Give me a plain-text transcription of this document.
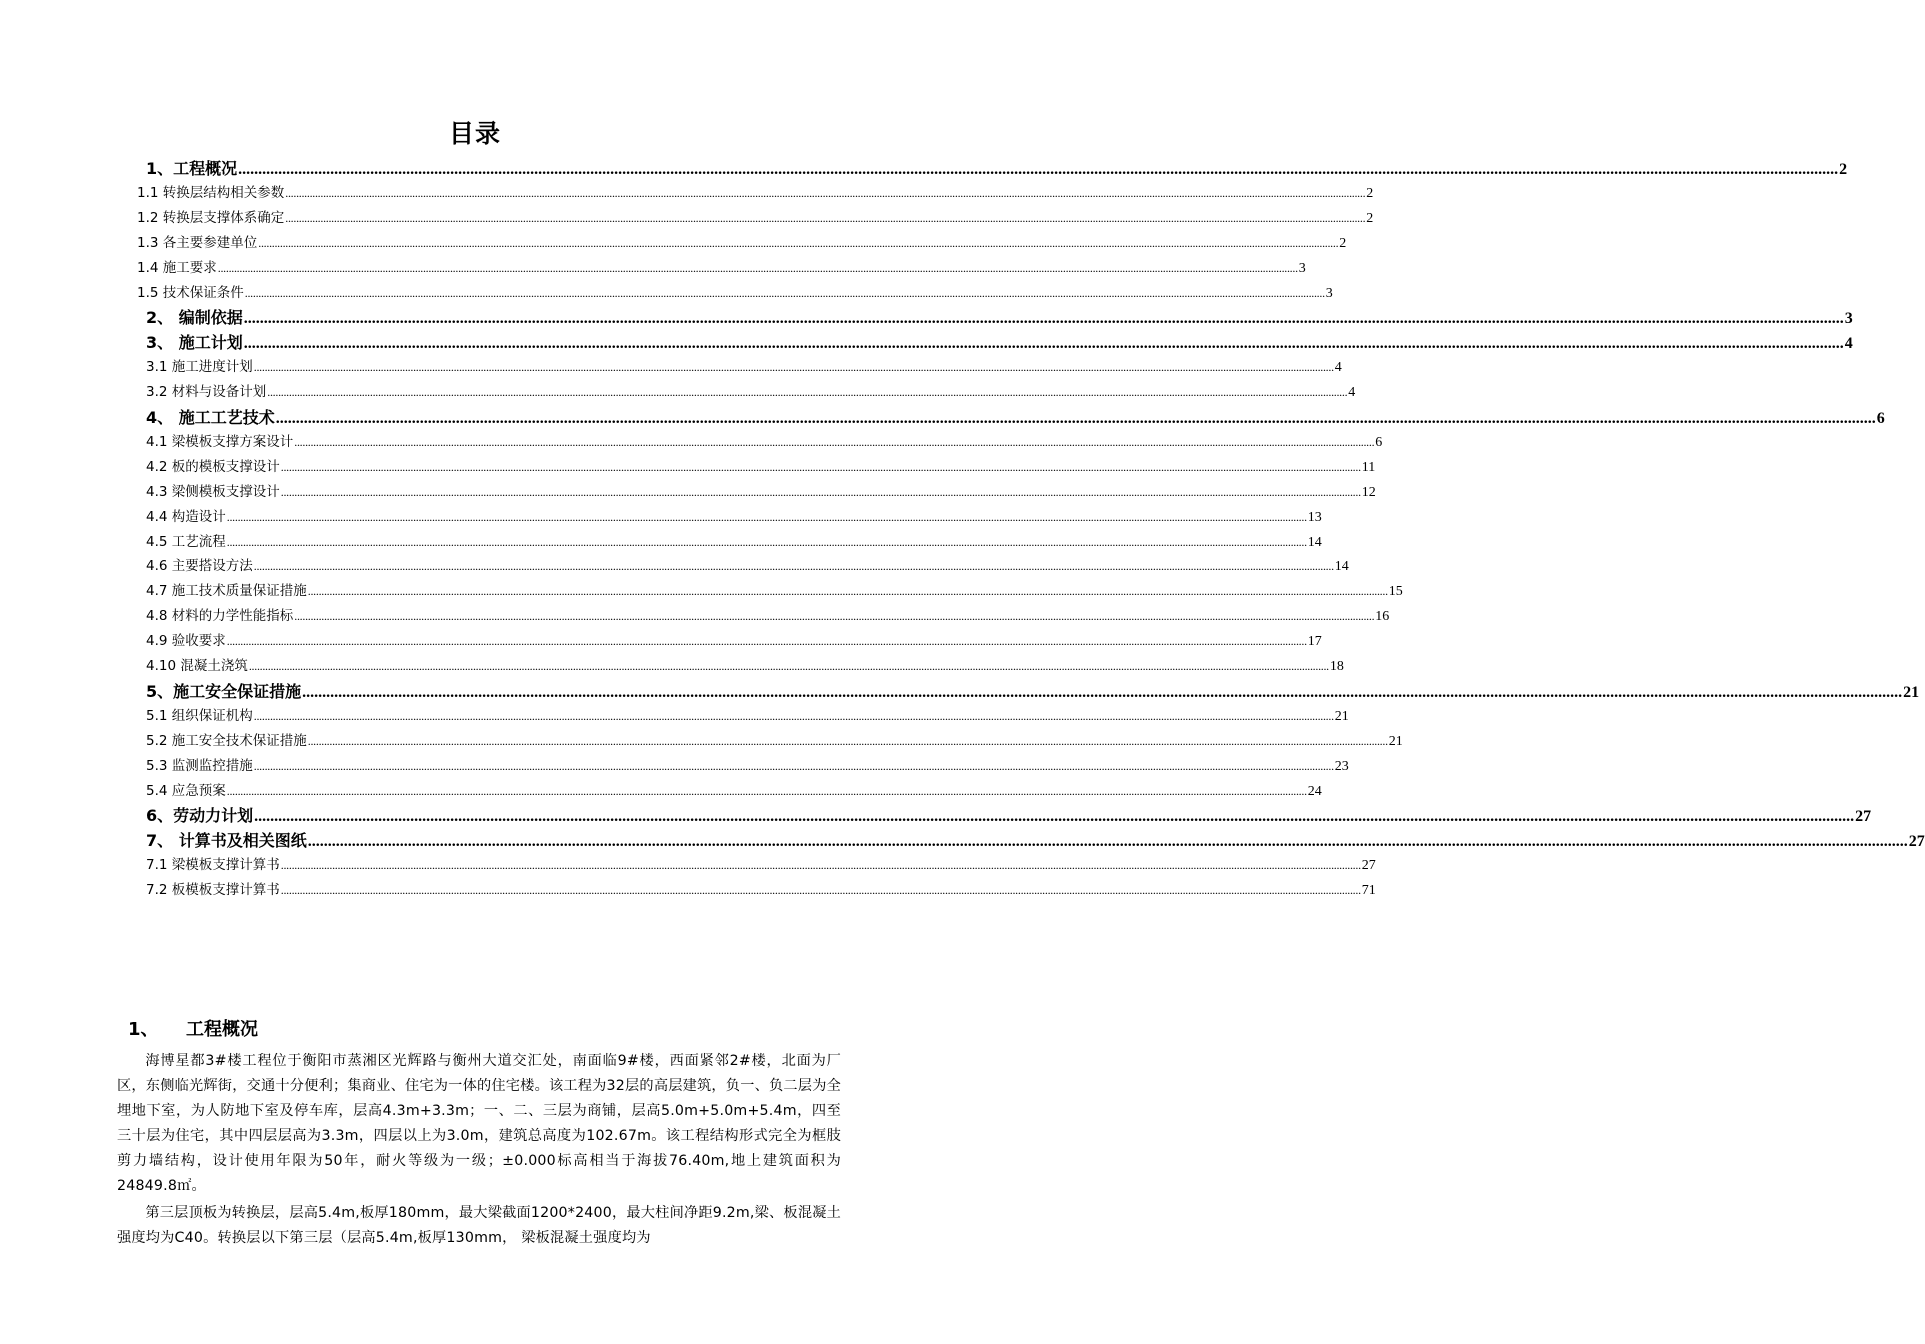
目录
1、工程概况 ................................................................................................................................................................................................................................................................................................................................................................................................................ 2
1.1 转换层结构相关参数 ................................................................................................................................................................................................................................................................................................................................................................................................................ 2
1.2 转换层支撑体系确定 ................................................................................................................................................................................................................................................................................................................................................................................................................ 2
1.3 各主要参建单位 ................................................................................................................................................................................................................................................................................................................................................................................................................ 2
1.4 施工要求 ................................................................................................................................................................................................................................................................................................................................................................................................................ 3
1.5 技术保证条件 ................................................................................................................................................................................................................................................................................................................................................................................................................ 3
2、 编制依据 ................................................................................................................................................................................................................................................................................................................................................................................................................ 3
3、 施工计划 ................................................................................................................................................................................................................................................................................................................................................................................................................ 4
3.1 施工进度计划 ................................................................................................................................................................................................................................................................................................................................................................................................................ 4
3.2 材料与设备计划 ................................................................................................................................................................................................................................................................................................................................................................................................................ 4
4、 施工工艺技术 ................................................................................................................................................................................................................................................................................................................................................................................................................ 6
4.1 梁模板支撑方案设计 ................................................................................................................................................................................................................................................................................................................................................................................................................ 6
4.2 板的模板支撑设计 ................................................................................................................................................................................................................................................................................................................................................................................................................ 11
4.3 梁侧模板支撑设计 ................................................................................................................................................................................................................................................................................................................................................................................................................ 12
4.4 构造设计 ................................................................................................................................................................................................................................................................................................................................................................................................................ 13
4.5 工艺流程 ................................................................................................................................................................................................................................................................................................................................................................................................................ 14
4.6 主要搭设方法 ................................................................................................................................................................................................................................................................................................................................................................................................................ 14
4.7 施工技术质量保证措施 ................................................................................................................................................................................................................................................................................................................................................................................................................ 15
4.8 材料的力学性能指标 ................................................................................................................................................................................................................................................................................................................................................................................................................ 16
4.9 验收要求 ................................................................................................................................................................................................................................................................................................................................................................................................................ 17
4.10 混凝土浇筑 ................................................................................................................................................................................................................................................................................................................................................................................................................ 18
5、施工安全保证措施 ................................................................................................................................................................................................................................................................................................................................................................................................................ 21
5.1 组织保证机构 ................................................................................................................................................................................................................................................................................................................................................................................................................ 21
5.2 施工安全技术保证措施 ................................................................................................................................................................................................................................................................................................................................................................................................................ 21
5.3 监测监控措施 ................................................................................................................................................................................................................................................................................................................................................................................................................ 23
5.4 应急预案 ................................................................................................................................................................................................................................................................................................................................................................................................................ 24
6、劳动力计划 ................................................................................................................................................................................................................................................................................................................................................................................................................ 27
7、 计算书及相关图纸 ................................................................................................................................................................................................................................................................................................................................................................................................................ 27
7.1 梁模板支撑计算书 ................................................................................................................................................................................................................................................................................................................................................................................................................ 27
7.2 板模板支撑计算书 ................................................................................................................................................................................................................................................................................................................................................................................................................ 71
1、 工程概况
海博星都3#楼工程位于衡阳市蒸湘区光辉路与衡州大道交汇处，南面临9#楼，西面紧邻2#楼，北面为厂区，东侧临光辉街，交通十分便利；集商业、住宅为一体的住宅楼。该工程为32层的高层建筑，负一、负二层为全埋地下室，为人防地下室及停车库，层高4.3m+3.3m；一、二、三层为商铺，层高5.0m+5.0m+5.4m，四至三十层为住宅，其中四层层高为3.3m，四层以上为3.0m，建筑总高度为102.67m。该工程结构形式完全为框肢剪力墙结构，设计使用年限为50年，耐火等级为一级；±0.000标高相当于海拔76.40m,地上建筑面积为24849.8㎡。
第三层顶板为转换层，层高5.4m,板厚180mm，最大梁截面1200*2400，最大柱间净距9.2m,梁、板混凝土强度均为C40。转换层以下第三层（层高5.4m,板厚130mm， 梁板混凝土强度均为
